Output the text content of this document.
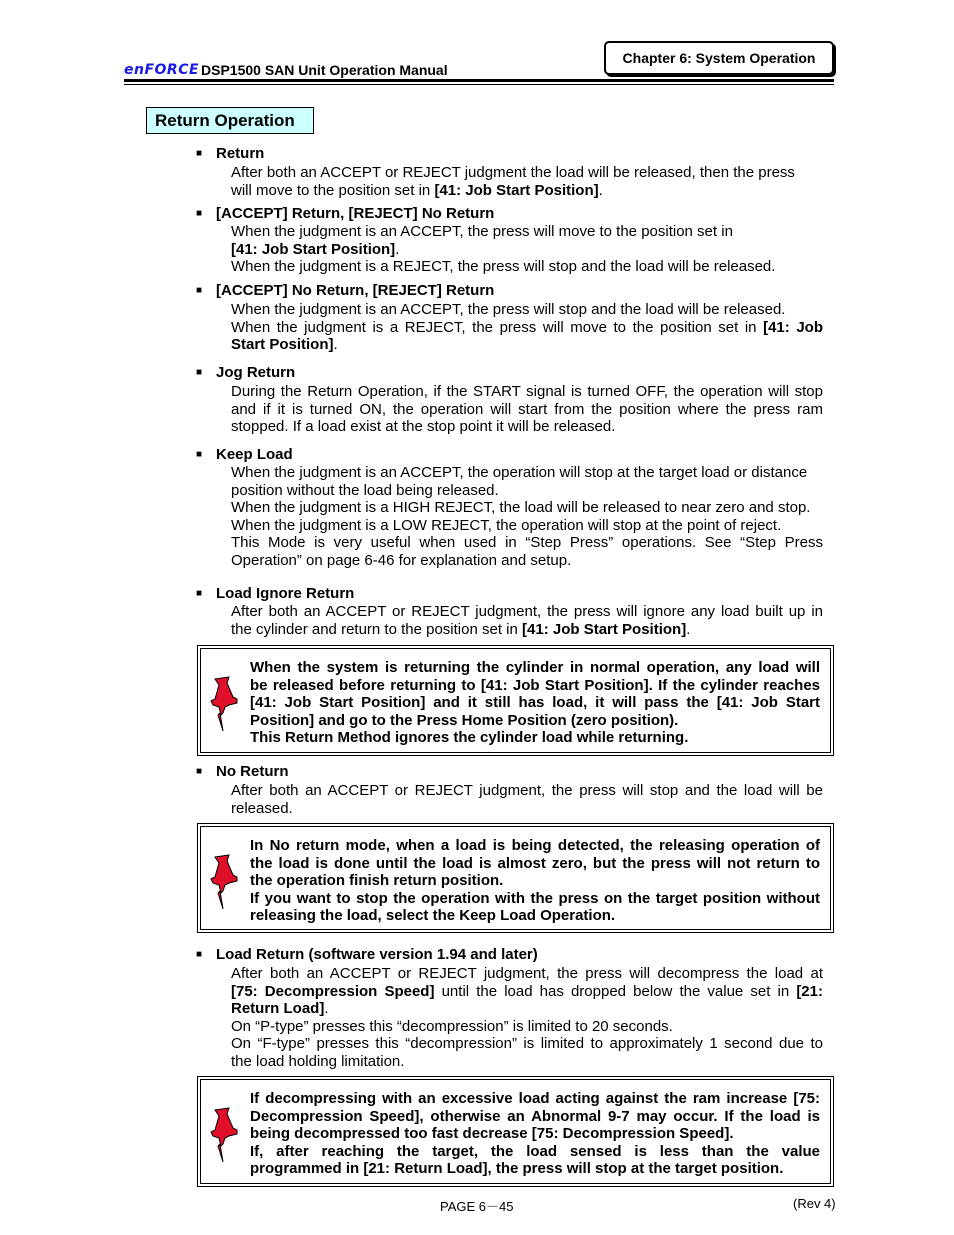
enFORCE DSP1500 SAN Unit Operation Manual
Chapter 6: System Operation
Return Operation
■ Return
After both an ACCEPT or REJECT judgment the load will be released, then the press
will move to the position set in [41: Job Start Position].
■ [ACCEPT] Return, [REJECT] No Return
When the judgment is an ACCEPT, the press will move to the position set in
[41: Job Start Position].
When the judgment is a REJECT, the press will stop and the load will be released.
■ [ACCEPT] No Return, [REJECT] Return
When the judgment is an ACCEPT, the press will stop and the load will be released.
When the judgment is a REJECT, the press will move to the position set in [41: Job
Start Position].
■ Jog Return
During the Return Operation, if the START signal is turned OFF, the operation will stop
and if it is turned ON, the operation will start from the position where the press ram
stopped. If a load exist at the stop point it will be released.
■ Keep Load
When the judgment is an ACCEPT, the operation will stop at the target load or distance
position without the load being released.
When the judgment is a HIGH REJECT, the load will be released to near zero and stop.
When the judgment is a LOW REJECT, the operation will stop at the point of reject.
This Mode is very useful when used in “Step Press” operations. See “Step Press
Operation” on page 6-46 for explanation and setup.
■ Load Ignore Return
After both an ACCEPT or REJECT judgment, the press will ignore any load built up in
the cylinder and return to the position set in [41: Job Start Position].
When the system is returning the cylinder in normal operation, any load will
be released before returning to [41: Job Start Position]. If the cylinder reaches
[41: Job Start Position] and it still has load, it will pass the [41: Job Start
Position] and go to the Press Home Position (zero position).
This Return Method ignores the cylinder load while returning.
■ No Return
After both an ACCEPT or REJECT judgment, the press will stop and the load will be
released.
In No return mode, when a load is being detected, the releasing operation of
the load is done until the load is almost zero, but the press will not return to
the operation finish return position.
If you want to stop the operation with the press on the target position without
releasing the load, select the Keep Load Operation.
■ Load Return (software version 1.94 and later)
After both an ACCEPT or REJECT judgment, the press will decompress the load at
[75: Decompression Speed] until the load has dropped below the value set in [21:
Return Load].
On “P-type” presses this “decompression” is limited to 20 seconds.
On “F-type” presses this “decompression” is limited to approximately 1 second due to
the load holding limitation.
If decompressing with an excessive load acting against the ram increase [75:
Decompression Speed], otherwise an Abnormal 9-7 may occur. If the load is
being decompressed too fast decrease [75: Decompression Speed].
If, after reaching the target, the load sensed is less than the value
programmed in [21: Return Load], the press will stop at the target position.
PAGE 6－45	(Rev 4)
